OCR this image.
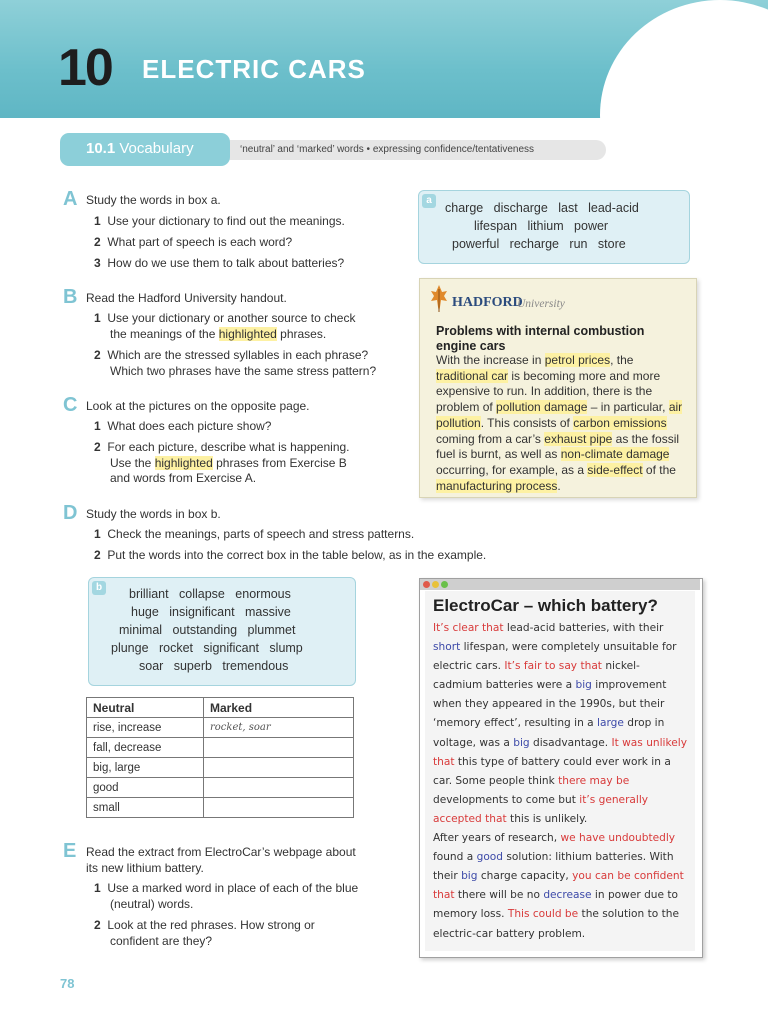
10 ELECTRIC CARS
10.1 Vocabulary	‘neutral’ and ‘marked’ words • expressing confidence/tentativeness
A Study the words in box a.
1 Use your dictionary to find out the meanings.
2 What part of speech is each word?
3 How do we use them to talk about batteries?
a
charge   discharge   last   lead-acid
lifespan   lithium   power
powerful   recharge   run   store
B Read the Hadford University handout.
1 Use your dictionary or another source to check
the meanings of the highlighted phrases.
2 Which are the stressed syllables in each phrase?
Which two phrases have the same stress pattern?
C Look at the pictures on the opposite page.
1 What does each picture show?
2 For each picture, describe what is happening.
Use the highlighted phrases from Exercise B
and words from Exercise A.
HADFORD
University
Problems with internal combustion engine cars
With the increase in petrol prices, the traditional car is becoming more and more expensive to run. In addition, there is the problem of pollution damage – in particular, air pollution. This consists of carbon emissions coming from a car’s exhaust pipe as the fossil fuel is burnt, as well as non-climate damage occurring, for example, as a side-effect of the manufacturing process.
D Study the words in box b.
1 Check the meanings, parts of speech and stress patterns.
2 Put the words into the correct box in the table below, as in the example.
b	brilliant   collapse   enormous
huge   insignificant   massive
minimal   outstanding   plummet
plunge   rocket   significant   slump
soar   superb   tremendous
Neutral	Marked
rise, increase	rocket, soar
fall, decrease	
big, large	
good	
small	
E Read the extract from ElectroCar’s webpage about
its new lithium battery.
1 Use a marked word in place of each of the blue
(neutral) words.
2 Look at the red phrases. How strong or
confident are they?
ElectroCar – which battery?
It’s clear that lead-acid batteries, with their short lifespan, were completely unsuitable for electric cars. It’s fair to say that nickel-cadmium batteries were a big improvement when they appeared in the 1990s, but their ‘memory effect’, resulting in a large drop in voltage, was a big disadvantage. It was unlikely that this type of battery could ever work in a car. Some people think there may be developments to come but it’s generally accepted that this is unlikely.
After years of research, we have undoubtedly found a good solution: lithium batteries. With their big charge capacity, you can be confident that there will be no decrease in power due to memory loss. This could be the solution to the electric-car battery problem.
78
